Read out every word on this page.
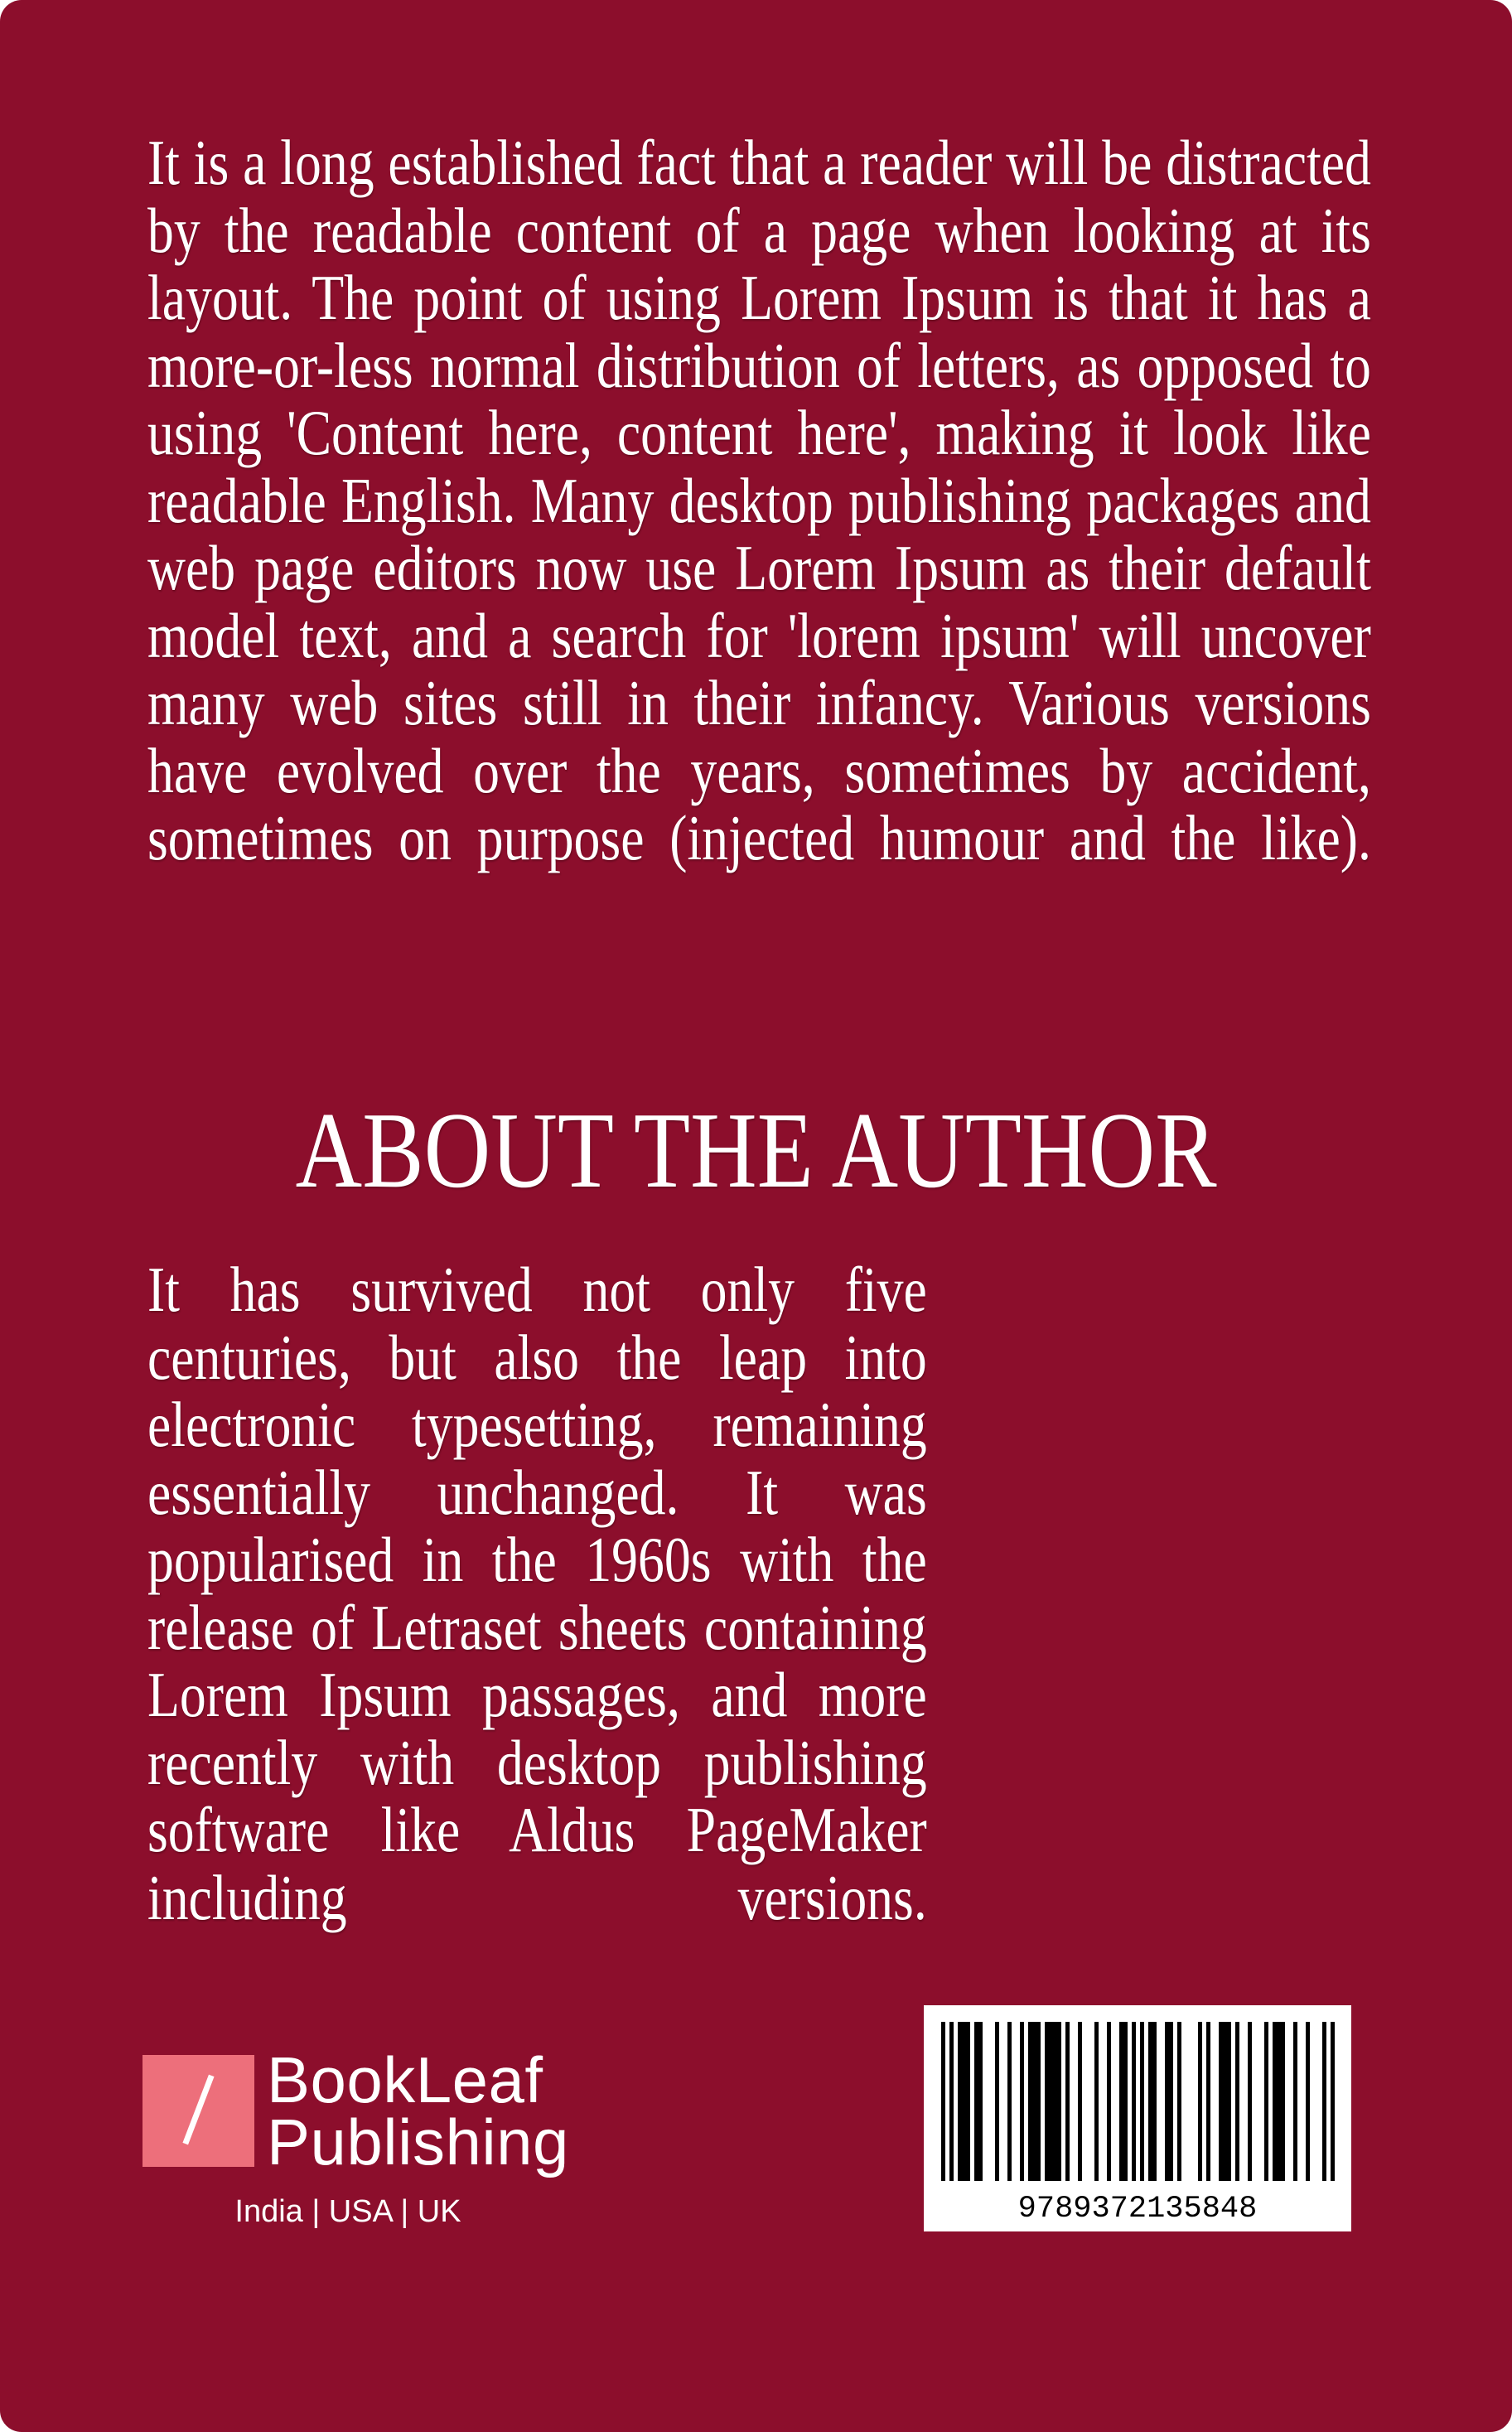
It is a long established fact that a reader will be distracted
by the readable content of a page when looking at its
layout. The point of using Lorem Ipsum is that it has a
more-or-less normal distribution of letters, as opposed to
using 'Content here, content here', making it look like
readable English. Many desktop publishing packages and
web page editors now use Lorem Ipsum as their default
model text, and a search for 'lorem ipsum' will uncover
many web sites still in their infancy. Various versions
have evolved over the years, sometimes by accident,
sometimes on purpose (injected humour and the like).
ABOUT THE AUTHOR
It has survived not only five
centuries, but also the leap into
electronic typesetting, remaining
essentially unchanged. It was
popularised in the 1960s with the
release of Letraset sheets containing
Lorem Ipsum passages, and more
recently with desktop publishing
software like Aldus PageMaker
including versions.
BookLeaf
Publishing
India | USA | UK	9789372135848
